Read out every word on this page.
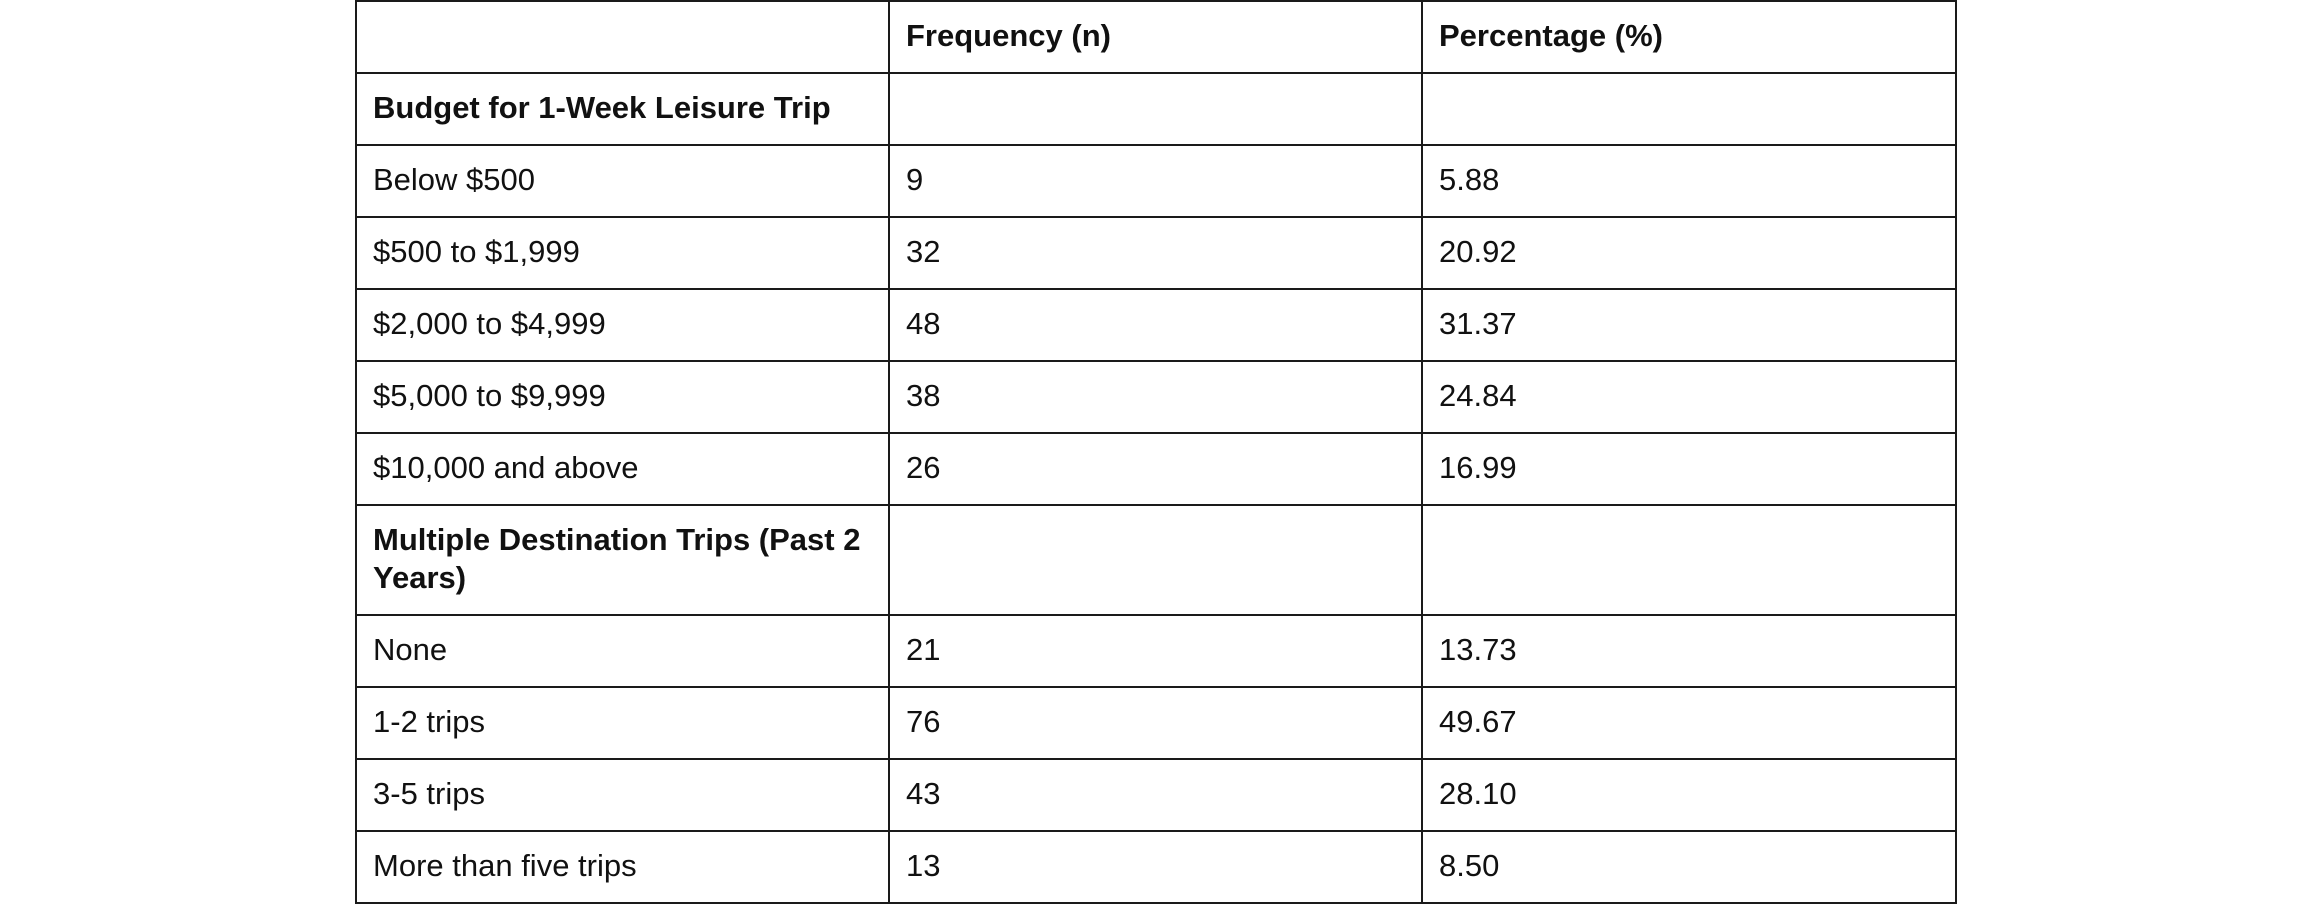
	Frequency (n)	Percentage (%)
Budget for 1-Week Leisure Trip		
Below $500	9	5.88
$500 to $1,999	32	20.92
$2,000 to $4,999	48	31.37
$5,000 to $9,999	38	24.84
$10,000 and above	26	16.99
Multiple Destination Trips (Past 2 Years)		
None	21	13.73
1-2 trips	76	49.67
3-5 trips	43	28.10
More than five trips	13	8.50
